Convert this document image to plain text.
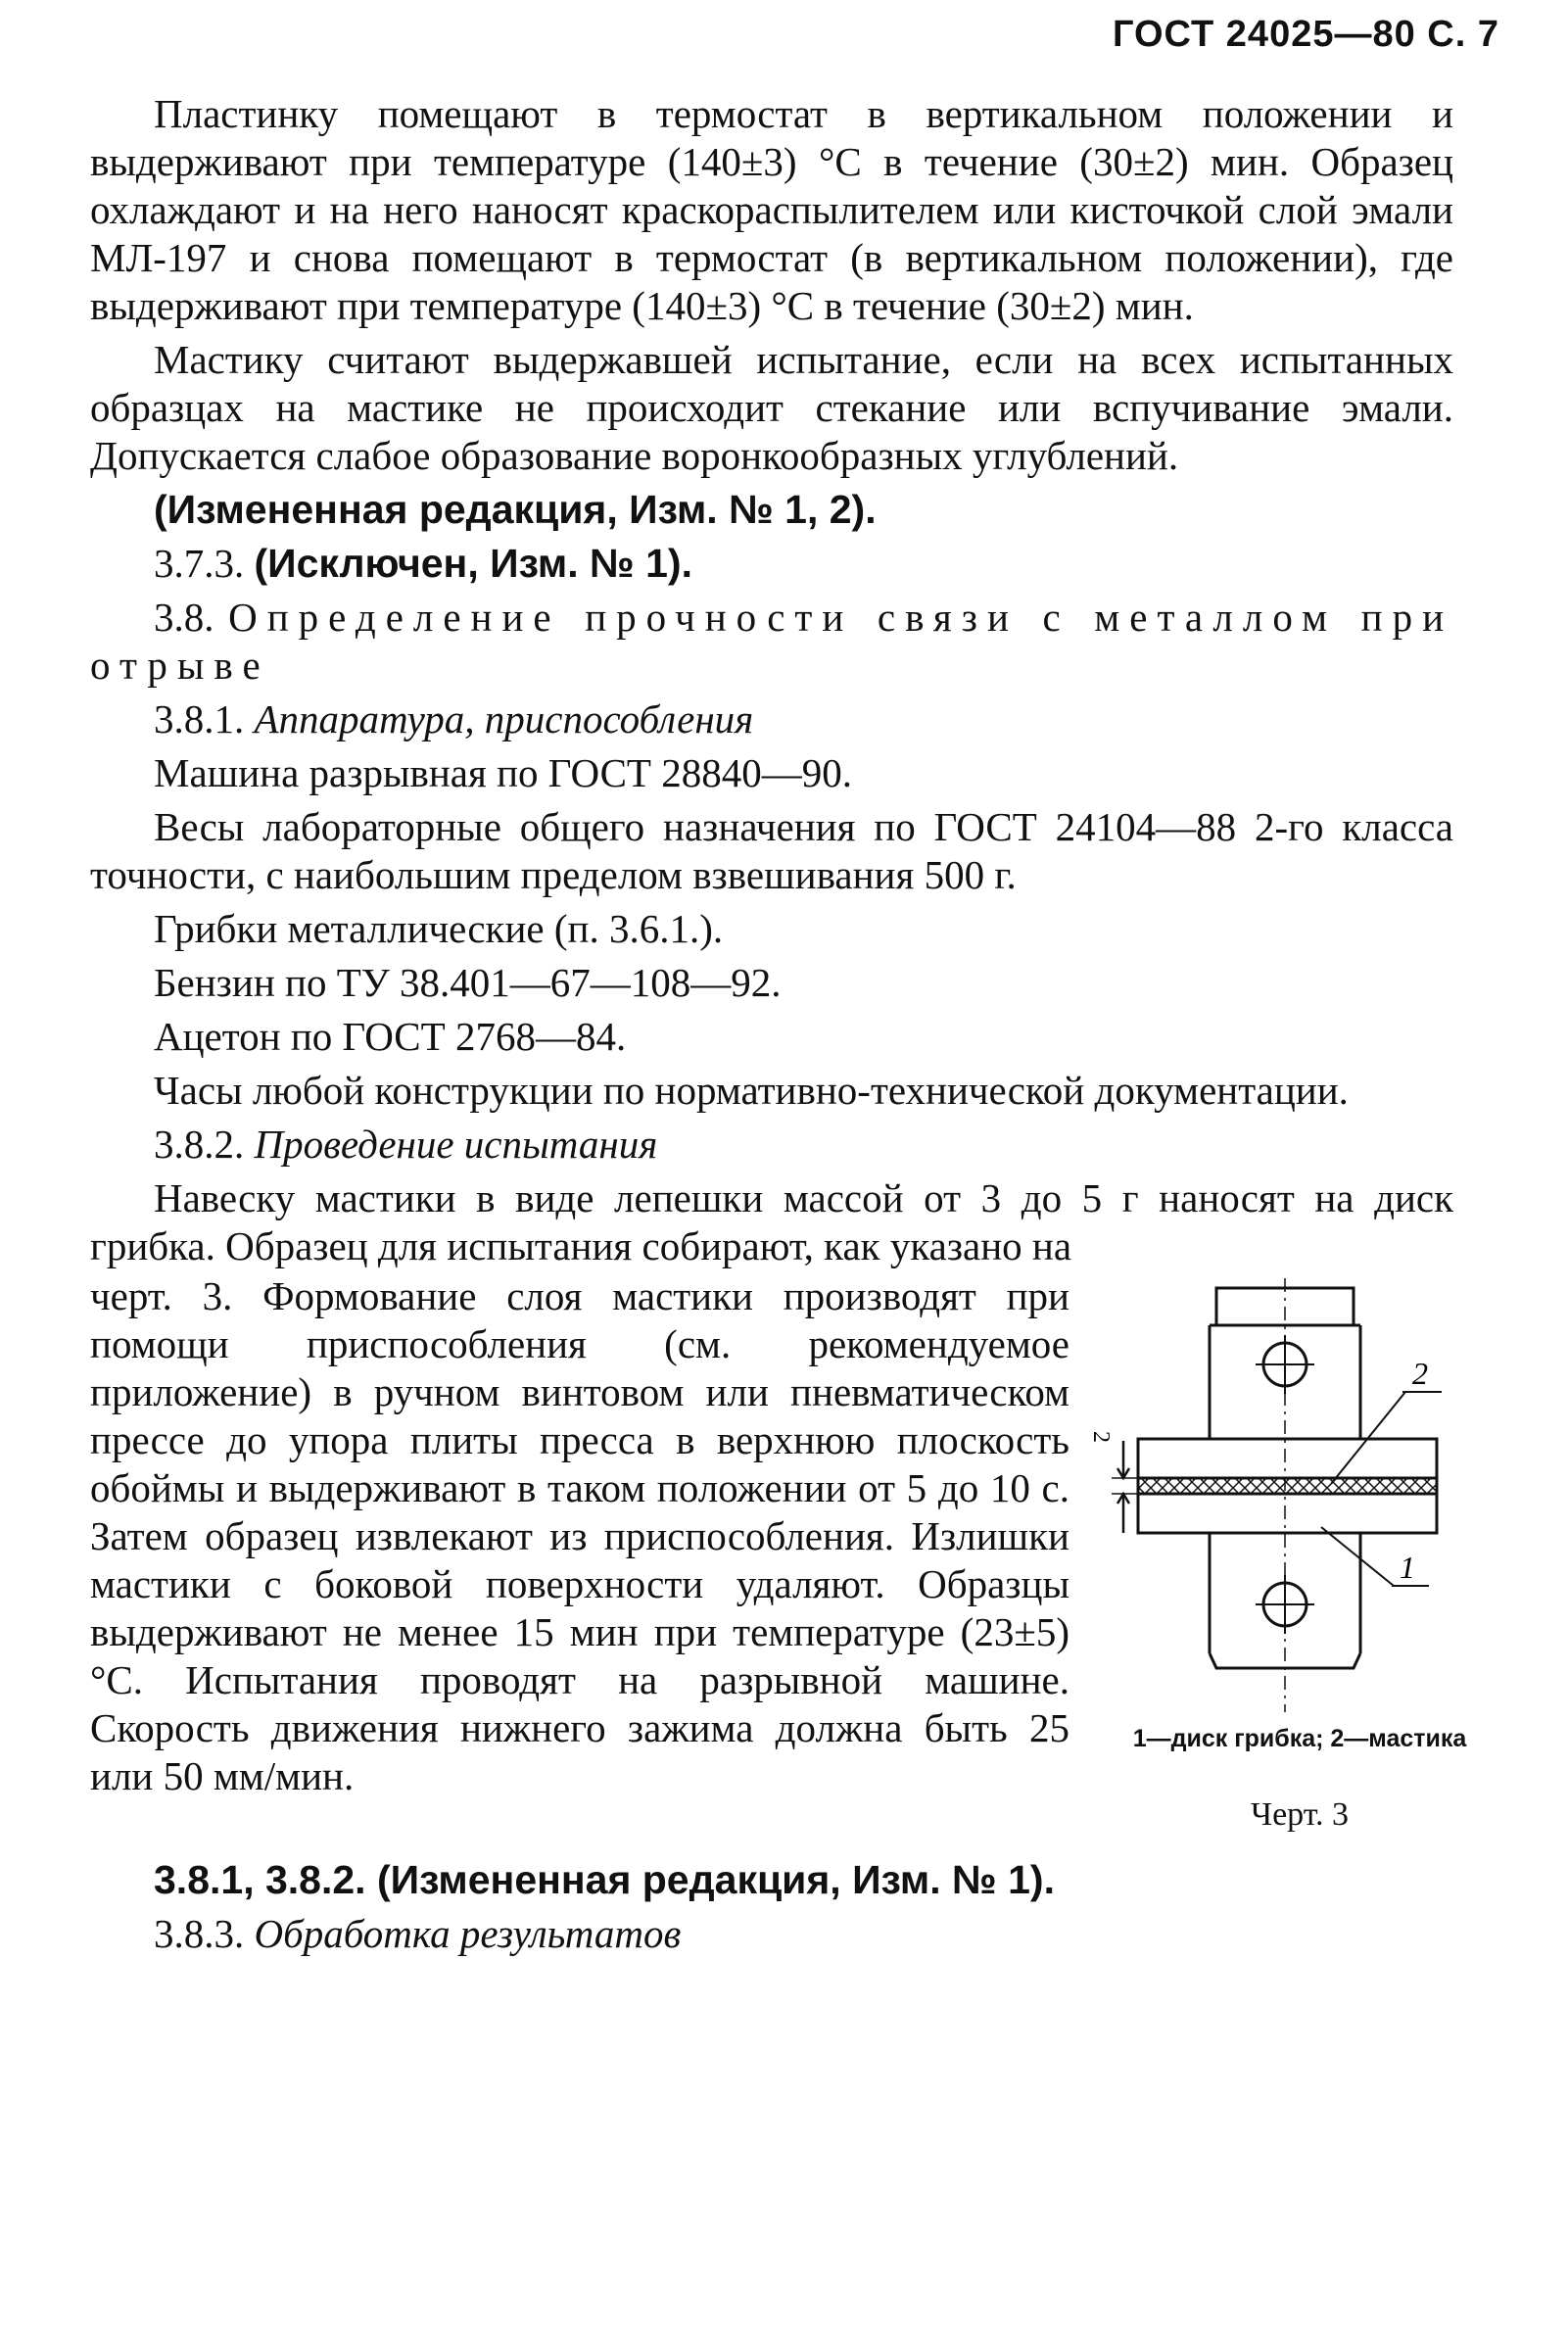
ГОСТ 24025—80 С. 7

Пластинку помещают в термостат в вертикальном положении и выдерживают при температуре (140±3) °С в течение (30±2) мин. Образец охлаждают и на него наносят краскораспылителем или кисточкой слой эмали МЛ-197 и снова помещают в термостат (в вертикальном положении), где выдерживают при температуре (140±3) °С в течение (30±2) мин.

Мастику считают выдержавшей испытание, если на всех испытанных образцах на мастике не происходит стекание или вспучивание эмали. Допускается слабое образование воронкообразных углублений.

(Измененная редакция, Изм. № 1, 2).

3.7.3. (Исключен, Изм. № 1).

3.8. Определение прочности связи с металлом при отрыве

3.8.1. Аппаратура, приспособления

Машина разрывная по ГОСТ 28840—90.

Весы лабораторные общего назначения по ГОСТ 24104—88 2-го класса точности, с наибольшим пределом взвешивания 500 г.

Грибки металлические (п. 3.6.1.).

Бензин по ТУ 38.401—67—108—92.

Ацетон по ГОСТ 2768—84.

Часы любой конструкции по нормативно-технической документации.

3.8.2. Проведение испытания

Навеску мастики в виде лепешки массой от 3 до 5 г наносят на диск грибка. Образец для испытания собирают, как указано на

черт. 3. Формование слоя мастики производят при помощи приспособления (см. рекомендуемое приложение) в ручном винтовом или пневматическом прессе до упора плиты пресса в верхнюю плоскость обоймы и выдерживают в таком положении от 5 до 10 с. Затем образец извлекают из приспособления. Излишки мастики с боковой поверхности удаляют. Образцы выдерживают не менее 15 мин при температуре (23±5) °С. Испытания проводят на разрывной машине. Скорость движения нижнего зажима должна быть 25 или 50 мм/мин.

2
2
1
1—диск грибка; 2—мастика
Черт. 3

3.8.1, 3.8.2. (Измененная редакция, Изм. № 1).

3.8.3. Обработка результатов
